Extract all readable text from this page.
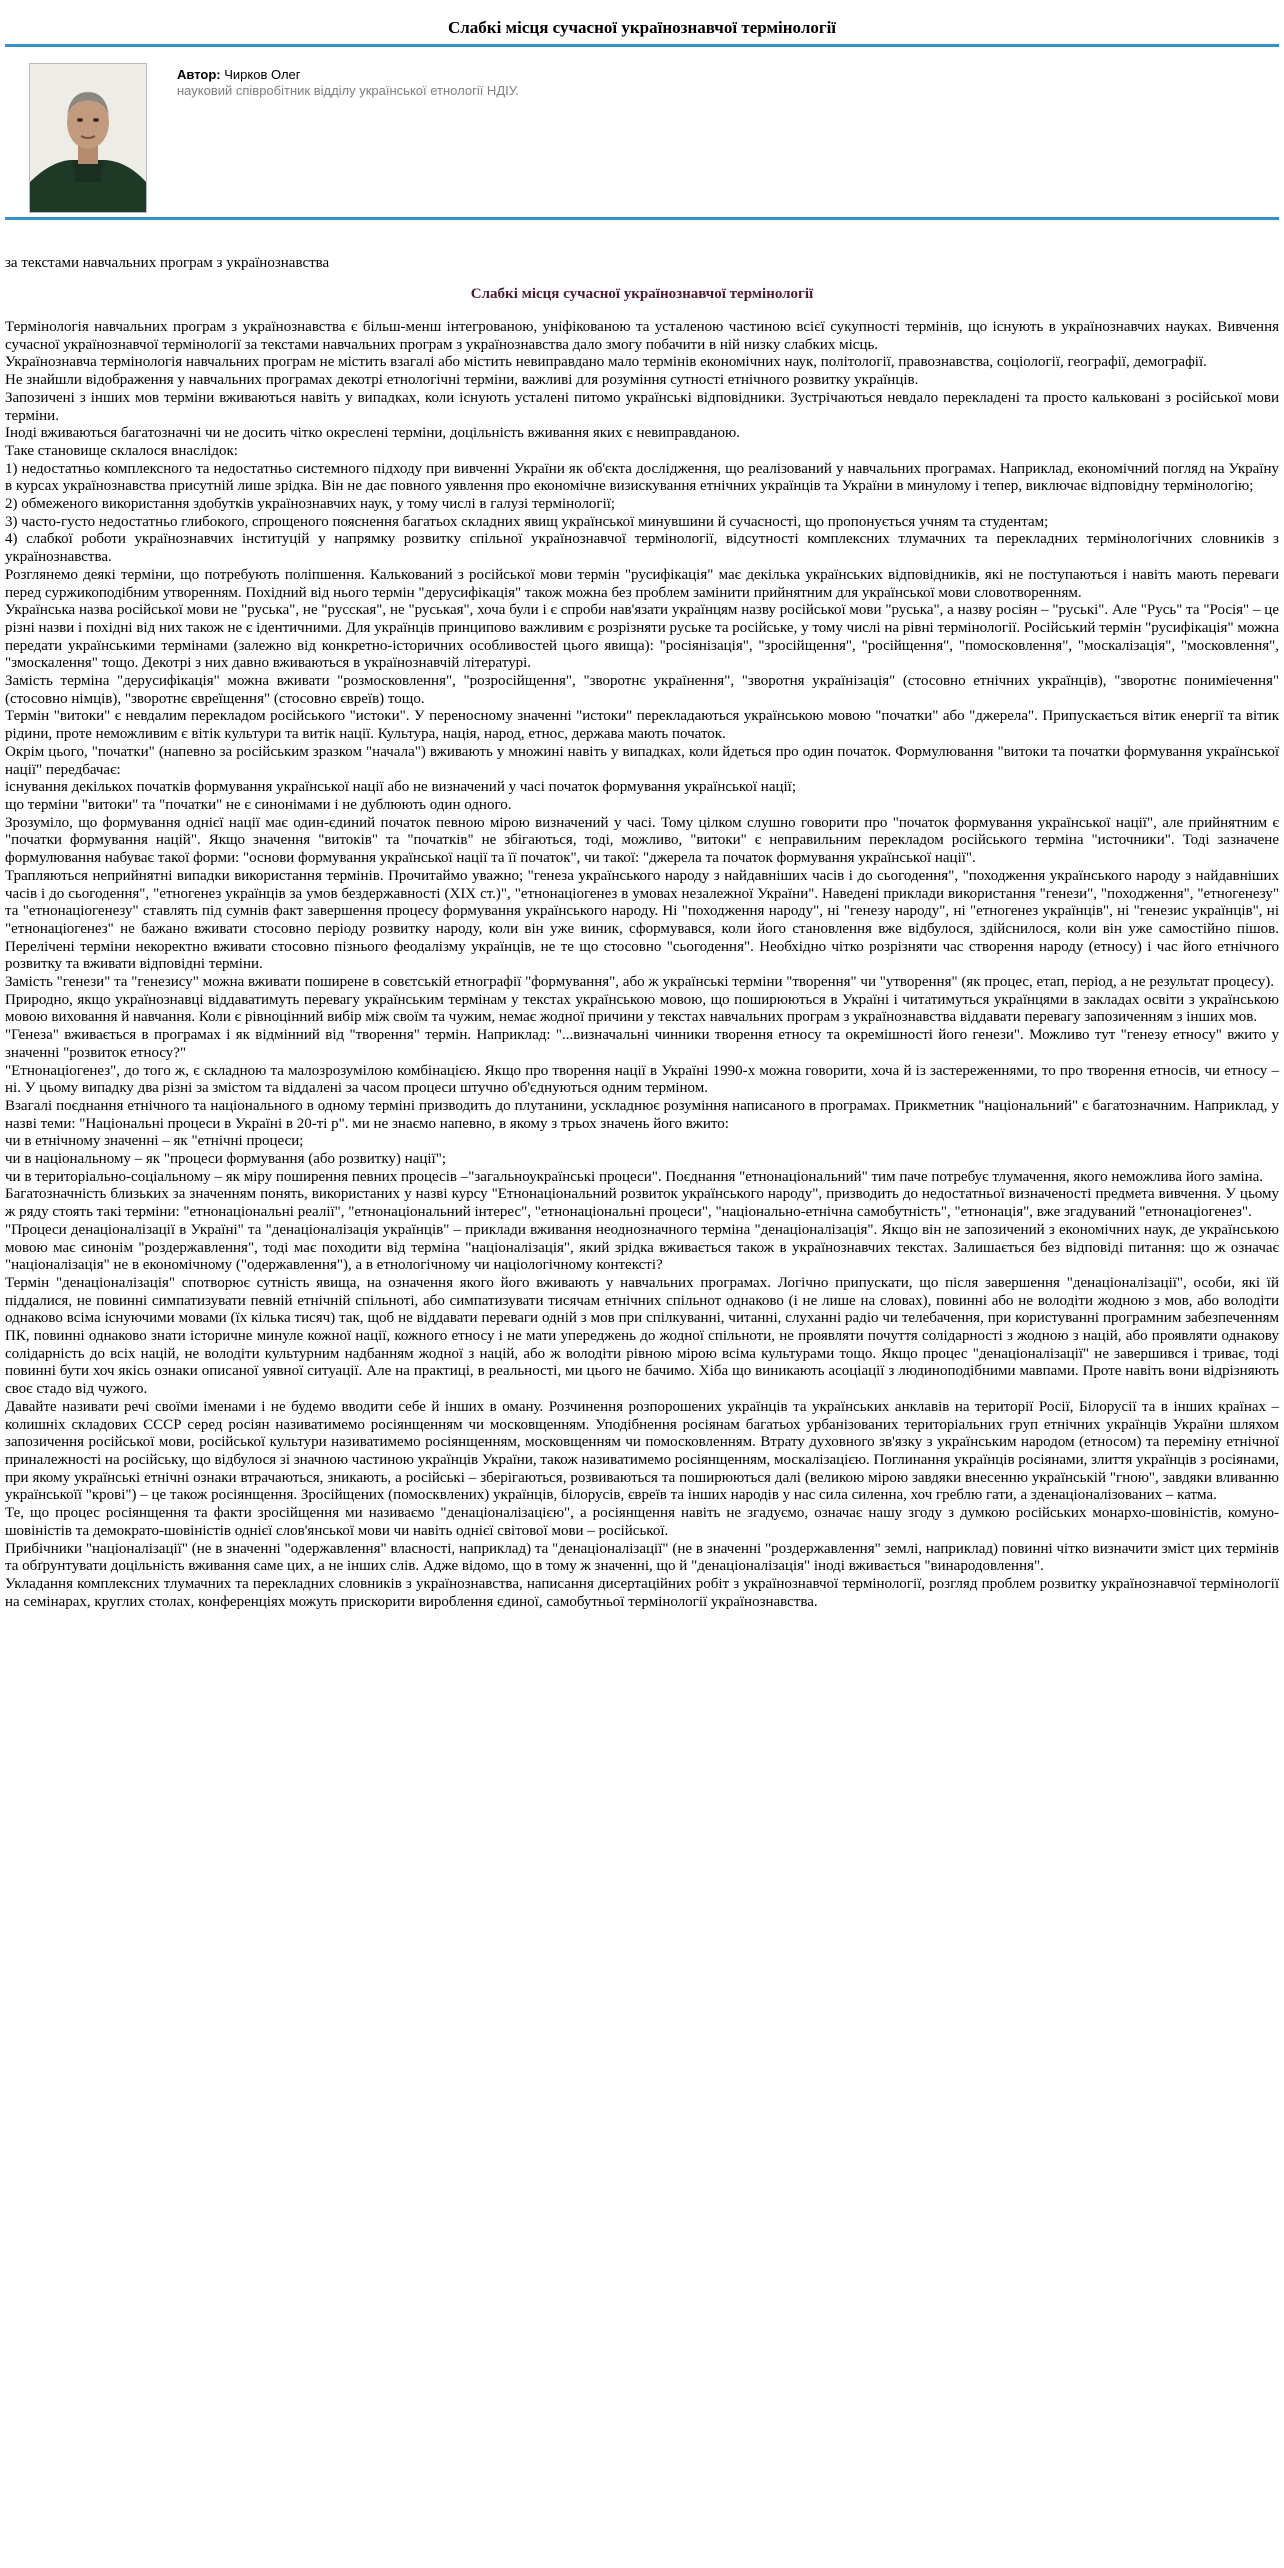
Слабкі місця сучасної українознавчої термінології
Автор: Чирков Олег
науковий співробітник відділу української етнології НДІУ.
за текстами навчальних програм з українознавства
Слабкі місця сучасної українознавчої термінології

Термінологія навчальних програм з українознавства є більш-менш інтегрованою, уніфікованою та усталеною частиною всієї сукупності термінів, що існують в українознавчих науках. Вивчення сучасної українознавчої термінології за текстами навчальних програм з українознавства дало змогу побачити в ній низку слабких місць.

Українознавча термінологія навчальних програм не містить взагалі або містить невиправдано мало термінів економічних наук, політології, правознавства, соціології, географії, демографії.

Не знайшли відображення у навчальних програмах декотрі етнологічні терміни, важливі для розуміння сутності етнічного розвитку українців.

Запозичені з інших мов терміни вживаються навіть у випадках, коли існують усталені питомо українські відповідники. Зустрічаються невдало перекладені та просто кальковані з російської мови терміни.

Іноді вживаються багатозначні чи не досить чітко окреслені терміни, доцільність вживання яких є невиправданою.

Таке становище склалося внаслідок:

1) недостатньо комплексного та недостатньо системного підходу при вивченні України як об'єкта дослідження, що реалізований у навчальних програмах. Наприклад, економічний погляд на Україну в курсах українознавства присутній лише зрідка. Він не дає повного уявлення про економічне визискування етнічних українців та України в минулому і тепер, виключає відповідну термінологію;

2) обмеженого використання здобутків українознавчих наук, у тому числі в галузі термінології;

3) часто-густо недостатньо глибокого, спрощеного пояснення багатьох складних явищ української минувшини й сучасності, що пропонується учням та студентам;

4) слабкої роботи українознавчих інституцій у напрямку розвитку спільної українознавчої термінології, відсутності комплексних тлумачних та перекладних термінологічних словників з українознавства.

Розглянемо деякі терміни, що потребують поліпшення. Калькований з російської мови термін "русифікація" має декілька українських відповідників, які не поступаються і навіть мають переваги перед суржикоподібним утворенням. Похідний від нього термін "дерусифікація" також можна без проблем замінити прийнятним для української мови словотворенням.

Українська назва російської мови не "руська", не "русская", не "руськая", хоча були і є спроби нав'язати українцям назву російської мови "руська", а назву росіян – "руські". Але "Русь" та "Росія" – це різні назви і похідні від них також не є ідентичними. Для українців принципово важливим є розрізняти руське та російське, у тому числі на рівні термінології. Російський термін "русифікація" можна передати українськими термінами (залежно від конкретно-історичних особливостей цього явища): "росіянізація", "зросійщення", "російщення", "помосковлення", "москалізація", "московлення", "змоскалення" тощо. Декотрі з них давно вживаються в українознавчій літературі.

Замість терміна "дерусифікація" можна вживати "розмосковлення", "розросійщення", "зворотнє українення", "зворотня українізація" (стосовно етнічних українців), "зворотнє пониміечення" (стосовно німців), "зворотнє євреїщення" (стосовно євреїв) тощо.

Термін "витоки" є невдалим перекладом російського "истоки". У переносному значенні "истоки" перекладаються українською мовою "початки" або "джерела". Припускається вітик енергії та вітик рідини, проте неможливим є вітік культури та витік нації. Культура, нація, народ, етнос, держава мають початок.

Окрім цього, "початки" (напевно за російським зразком "начала") вживають у множині навіть у випадках, коли йдеться про один початок. Формулювання "витоки та початки формування української нації" передбачає:

існування декількох початків формування української нації або не визначений у часі початок формування української нації;

що терміни "витоки" та "початки" не є синонімами і не дублюють один одного.

Зрозуміло, що формування однієї нації має один-єдиний початок певною мірою визначений у часі. Тому цілком слушно говорити про "початок формування української нації", але прийнятним є "початки формування націй". Якщо значення "витоків" та "початків" не збігаються, тоді, можливо, "витоки" є неправильним перекладом російського терміна "источники". Тоді зазначене формулювання набуває такої форми: "основи формування української нації та її початок", чи такої: "джерела та початок формування української нації".

Трапляються неприйнятні випадки використання термінів. Прочитаймо уважно; "генеза українського народу з найдавніших часів і до сьогодення", "походження українського народу з найдавніших часів і до сьогодення", "етногенез українців за умов бездержавності (XIX ст.)", "етнонаціогенез в умовах незалежної України". Наведені приклади використання "генези", "походження", "етногенезу" та "етнонаціогенезу" ставлять під сумнів факт завершення процесу формування українського народу. Ні "походження народу", ні "генезу народу", ні "етногенез українців", ні "генезис українців", ні "етнонаціогенез" не бажано вживати стосовно періоду розвитку народу, коли він уже виник, сформувався, коли його становлення вже відбулося, здійснилося, коли він уже самостійно пішов. Перелічені терміни некоректно вживати стосовно пізнього феодалізму українців, не те що стосовно "сьогодення". Необхідно чітко розрізняти час створення народу (етносу) і час його етнічного розвитку та вживати відповідні терміни.

Замість "генези" та "генезису" можна вживати поширене в совєтській етнографії "формування", або ж українські терміни "творення" чи "утворення" (як процес, етап, період, а не результат процесу).

Природно, якщо українознавці віддаватимуть перевагу українським термінам у текстах українською мовою, що поширюються в Україні і читатимуться українцями в закладах освіти з українською мовою виховання й навчання. Коли є рівноцінний вибір між своїм та чужим, немає жодної причини у текстах навчальних програм з українознавства віддавати перевагу запозиченням з інших мов.

"Генеза" вживається в програмах і як відмінний від "творення" термін. Наприклад: "...визначальні чинники творення етносу та окремішності його генези". Можливо тут "генезу етносу" вжито у значенні "розвиток етносу?"

"Етнонаціогенез", до того ж, є складною та малозрозумілою комбінацією. Якщо про творення нації в Україні 1990-х можна говорити, хоча й із застереженнями, то про творення етносів, чи етносу – ні. У цьому випадку два різні за змістом та віддалені за часом процеси штучно об'єднуються одним терміном.

Взагалі поєднання етнічного та національного в одному терміні призводить до плутанини, ускладнює розуміння написаного в програмах. Прикметник "національний" є багатозначним. Наприклад, у назві теми: "Національні процеси в Україні в 20-ті р". ми не знаємо напевно, в якому з трьох значень його вжито:

чи в етнічному значенні – як "етнічні процеси;

чи в національному – як "процеси формування (або розвитку) нації";

чи в територіально-соціальному – як міру поширення певних процесів –"загальноукраїнські процеси". Поєднання "етнонаціональний" тим паче потребує тлумачення, якого неможлива його заміна.

Багатозначність близьких за значенням понять, використаних у назві курсу "Етнонаціональний розвиток українського народу", призводить до недостатньої визначеності предмета вивчення. У цьому ж ряду стоять такі терміни: "етнонаціональні реалії", "етнонаціональний інтерес", "етнонаціональні процеси", "національно-етнічна самобутність", "етнонація", вже згадуваний "етнонаціогенез".

"Процеси денаціоналізації в Україні" та "денаціоналізація українців" – приклади вживання неоднозначного терміна "денаціоналізація". Якщо він не запозичений з економічних наук, де українською мовою має синонім "роздержавлення", тоді має походити від терміна "націоналізація", який зрідка вживається також в українознавчих текстах. Залишається без відповіді питання: що ж означає "націоналізація" не в економічному ("одержавлення"), а в етнологічному чи націологічному контексті?

Термін "денаціоналізація" спотворює сутність явища, на означення якого його вживають у навчальних програмах. Логічно припускати, що після завершення "денаціоналізації", особи, які їй піддалися, не повинні симпатизувати певній етнічній спільноті, або симпатизувати тисячам етнічних спільнот однаково (і не лише на словах), повинні або не володіти жодною з мов, або володіти однаково всіма існуючими мовами (їх кілька тисяч) так, щоб не віддавати переваги одній з мов при спілкуванні, читанні, слуханні радіо чи телебачення, при користуванні програмним забезпеченням ПК, повинні однаково знати історичне минуле кожної нації, кожного етносу і не мати упереджень до жодної спільноти, не проявляти почуття солідарності з жодною з націй, або проявляти однакову солідарність до всіх націй, не володіти культурним надбанням жодної з націй, або ж володіти рівною мірою всіма культурами тощо. Якщо процес "денаціоналізації" не завершився і триває, тоді повинні бути хоч якісь ознаки описаної уявної ситуації. Але на практиці, в реальності, ми цього не бачимо. Хіба що виникають асоціації з людиноподібними мавпами. Проте навіть вони відрізняють своє стадо від чужого.

Давайте називати речі своїми іменами і не будемо вводити себе й інших в оману. Розчинення розпорошених українців та українських анклавів на території Росії, Білорусії та в інших країнах – колишніх складових СССР серед росіян називатимемо росіянщенням чи московщенням. Уподібнення росіянам багатьох урбанізованих територіальних груп етнічних українців України шляхом запозичення російської мови, російської культури називатимемо росіянщенням, московщенням чи помосковленням. Втрату духовного зв'язку з українським народом (етносом) та переміну етнічної приналежності на російську, що відбулося зі значною частиною українців України, також називатимемо росіянщенням, москалізацією. Поглинання українців росіянами, злиття українців з росіянами, при якому українські етнічні ознаки втрачаються, зникають, а російські – зберігаються, розвиваються та поширюються далі (великою мірою завдяки внесенню українській "гною", завдяки вливанню українськоїї "крові") – це також росіянщення. Зросійщених (помосквлених) українців, білорусів, євреїв та інших народів у нас сила силенна, хоч греблю гати, а зденаціоналізованих – катма.

Те, що процес росіянщення та факти зросійщення ми називаємо "денаціоналізацією", а росіянщення навіть не згадуємо, означає нашу згоду з думкою російських монархо-шовіністів, комуно-шовіністів та демократо-шовіністів однієї слов'янської мови чи навіть однієї світової мови – російської.

Прибічники "націоналізації" (не в значенні "одержавлення" власності, наприклад) та "денаціоналізації" (не в значенні "роздержавлення" землі, наприклад) повинні чітко визначити зміст цих термінів та обґрунтувати доцільність вживання саме цих, а не інших слів. Адже відомо, що в тому ж значенні, що й "денаціоналізація" іноді вживається "винародовлення".

Укладання комплексних тлумачних та перекладних словників з українознавства, написання дисертаційних робіт з українознавчої термінології, розгляд проблем розвитку українознавчої термінології на семінарах, круглих столах, конференціях можуть прискорити вироблення єдиної, самобутньої термінології українознавства.
